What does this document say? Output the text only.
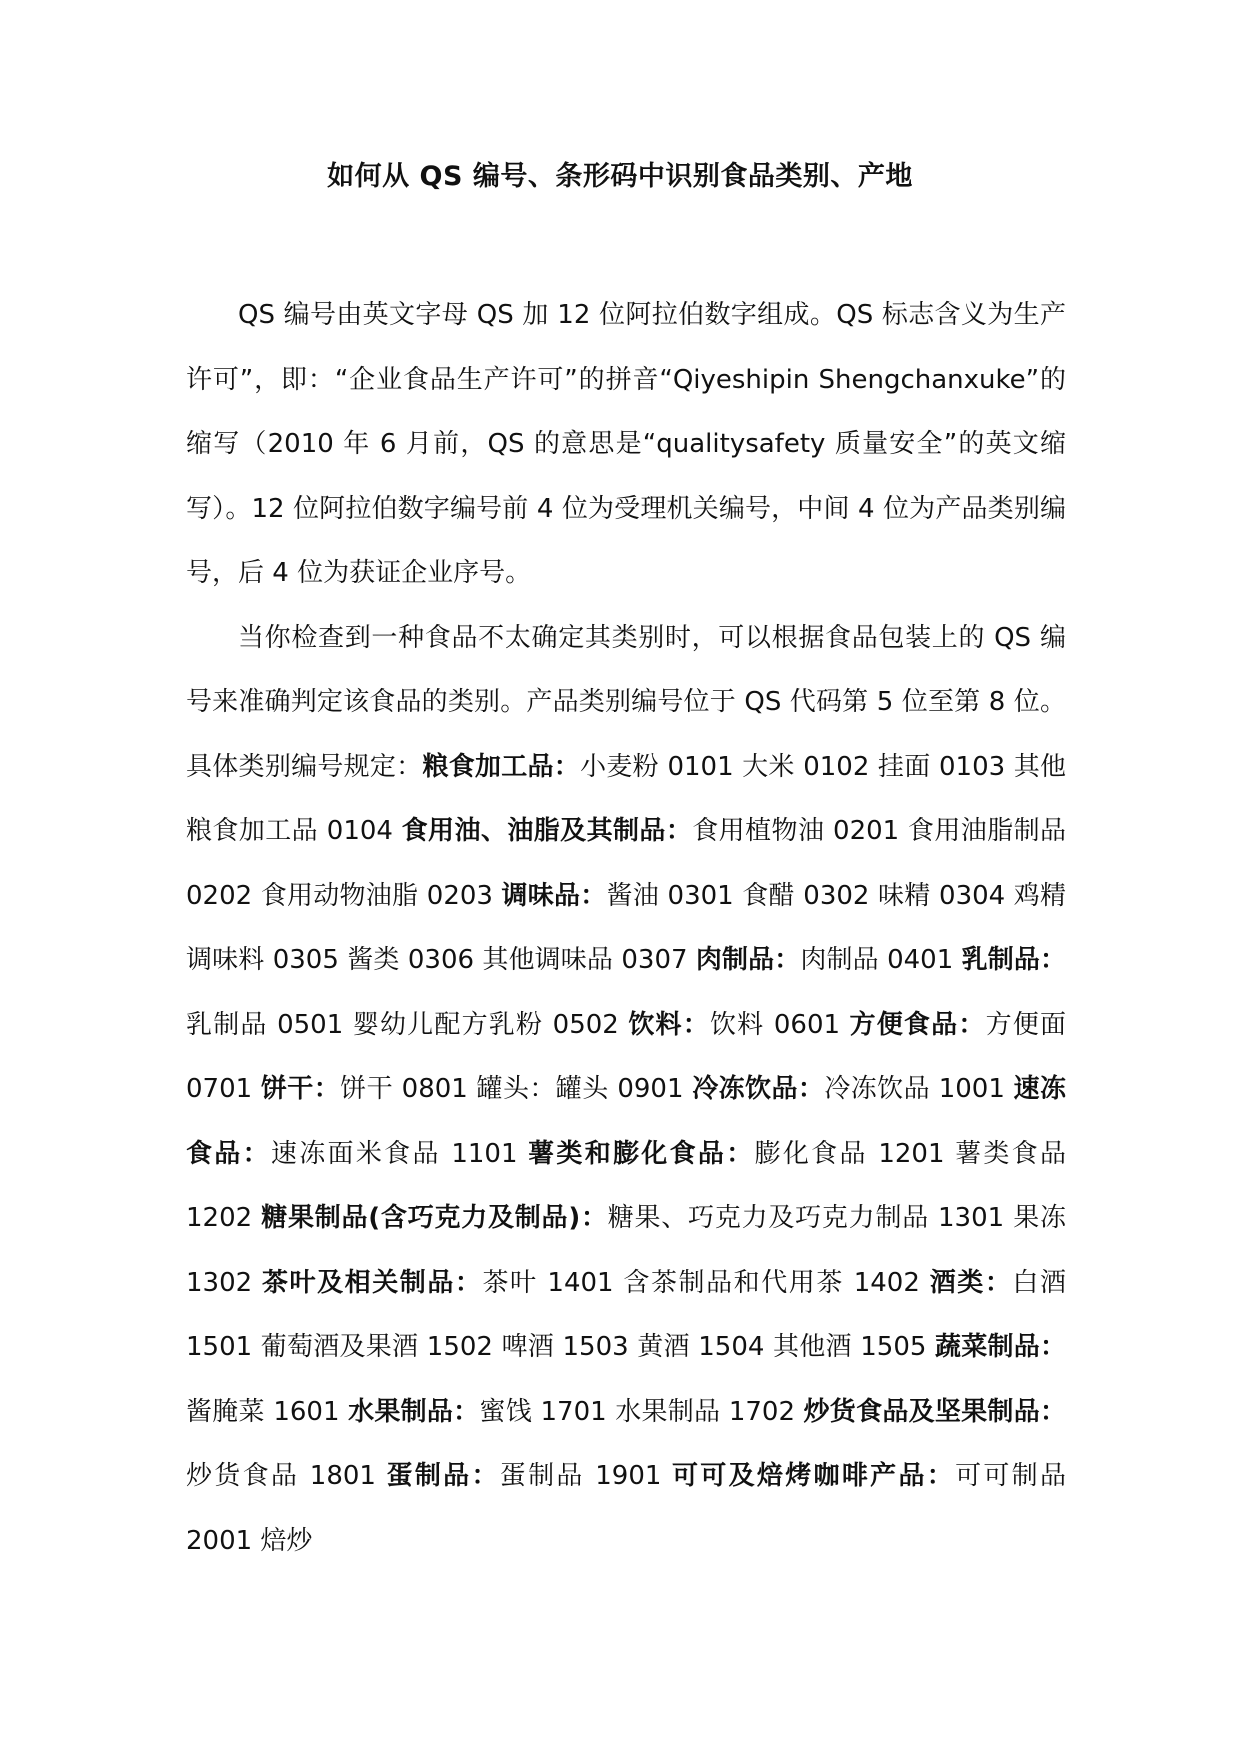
如何从 QS 编号、条形码中识别食品类别、产地

QS 编号由英文字母 QS 加 12 位阿拉伯数字组成。QS 标志含义为生产许可”，即：“企业食品生产许可”的拼音“Qiyeshipin Shengchanxuke”的缩写（2010 年 6 月前，QS 的意思是“qualitysafety 质量安全”的英文缩写）。12 位阿拉伯数字编号前 4 位为受理机关编号，中间 4 位为产品类别编号，后 4 位为获证企业序号。

当你检查到一种食品不太确定其类别时，可以根据食品包装上的 QS 编号来准确判定该食品的类别。产品类别编号位于 QS 代码第 5 位至第 8 位。具体类别编号规定：粮食加工品：小麦粉 0101 大米 0102 挂面 0103 其他粮食加工品 0104 食用油、油脂及其制品：食用植物油 0201 食用油脂制品 0202 食用动物油脂 0203 调味品：酱油 0301 食醋 0302 味精 0304 鸡精调味料 0305 酱类 0306 其他调味品 0307 肉制品：肉制品 0401 乳制品：乳制品 0501 婴幼儿配方乳粉 0502 饮料：饮料 0601 方便食品：方便面 0701 饼干：饼干 0801 罐头：罐头 0901 冷冻饮品：冷冻饮品 1001 速冻食品：速冻面米食品 1101 薯类和膨化食品：膨化食品 1201 薯类食品 1202 糖果制品(含巧克力及制品)：糖果、巧克力及巧克力制品 1301 果冻 1302 茶叶及相关制品：茶叶 1401 含茶制品和代用茶 1402 酒类：白酒 1501 葡萄酒及果酒 1502 啤酒 1503 黄酒 1504 其他酒 1505 蔬菜制品：酱腌菜 1601 水果制品：蜜饯 1701 水果制品 1702 炒货食品及坚果制品：炒货食品 1801 蛋制品：蛋制品 1901 可可及焙烤咖啡产品：可可制品 2001 焙炒
